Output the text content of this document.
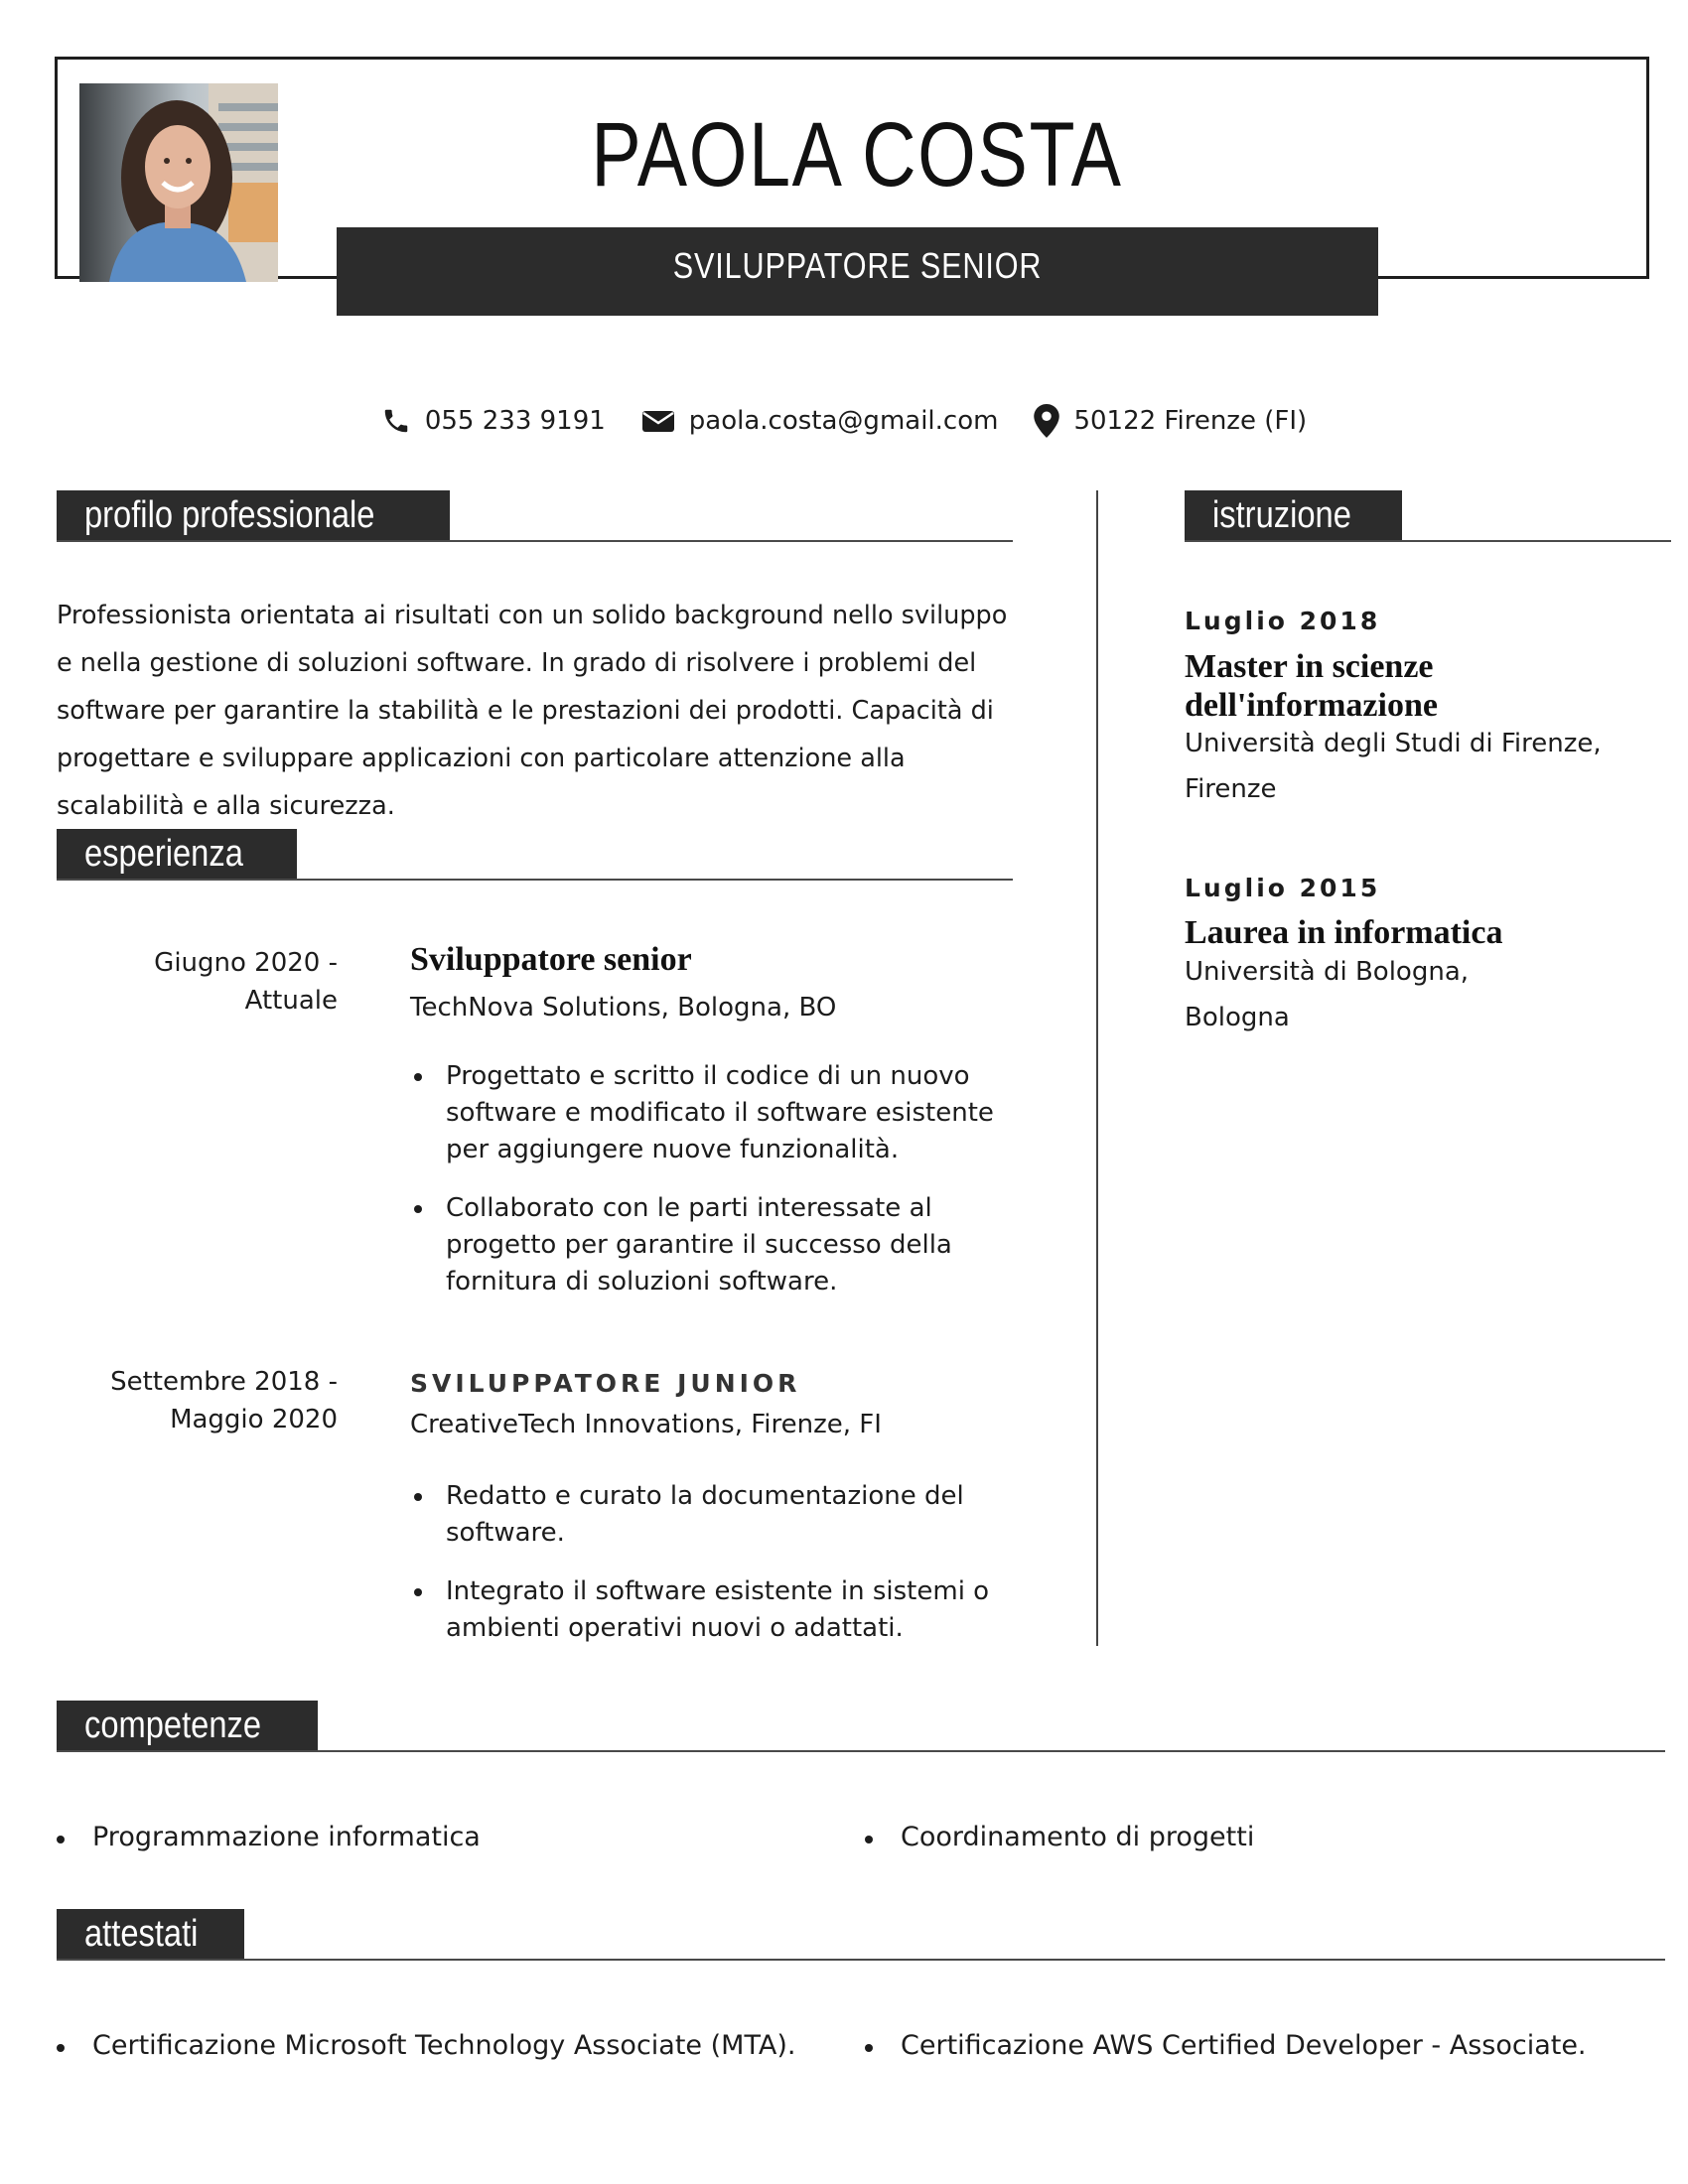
PAOLA COSTA
SVILUPPATORE SENIOR
055 233 9191	paola.costa@gmail.com	50122 Firenze (FI)
profilo professionale
Professionista orientata ai risultati con un solido background nello sviluppo e nella gestione di soluzioni software. In grado di risolvere i problemi del software per garantire la stabilità e le prestazioni dei prodotti. Capacità di progettare e sviluppare applicazioni con particolare attenzione alla scalabilità e alla sicurezza.
esperienza
Giugno 2020 - Attuale
Sviluppatore senior
TechNova Solutions, Bologna, BO
Progettato e scritto il codice di un nuovo software e modificato il software esistente per aggiungere nuove funzionalità.
Collaborato con le parti interessate al progetto per garantire il successo della fornitura di soluzioni software.
Settembre 2018 -
Maggio 2020
SVILUPPATORE JUNIOR
CreativeTech Innovations, Firenze, FI
Redatto e curato la documentazione del software.
Integrato il software esistente in sistemi o ambienti operativi nuovi o adattati.
istruzione
Luglio 2018
Master in scienze
dell'informazione
Università degli Studi di Firenze,
Firenze
Luglio 2015
Laurea in informatica
Università di Bologna,
Bologna
competenze
Programmazione informatica	Coordinamento di progetti
attestati
Certificazione Microsoft Technology Associate (MTA).	Certificazione AWS Certified Developer - Associate.
